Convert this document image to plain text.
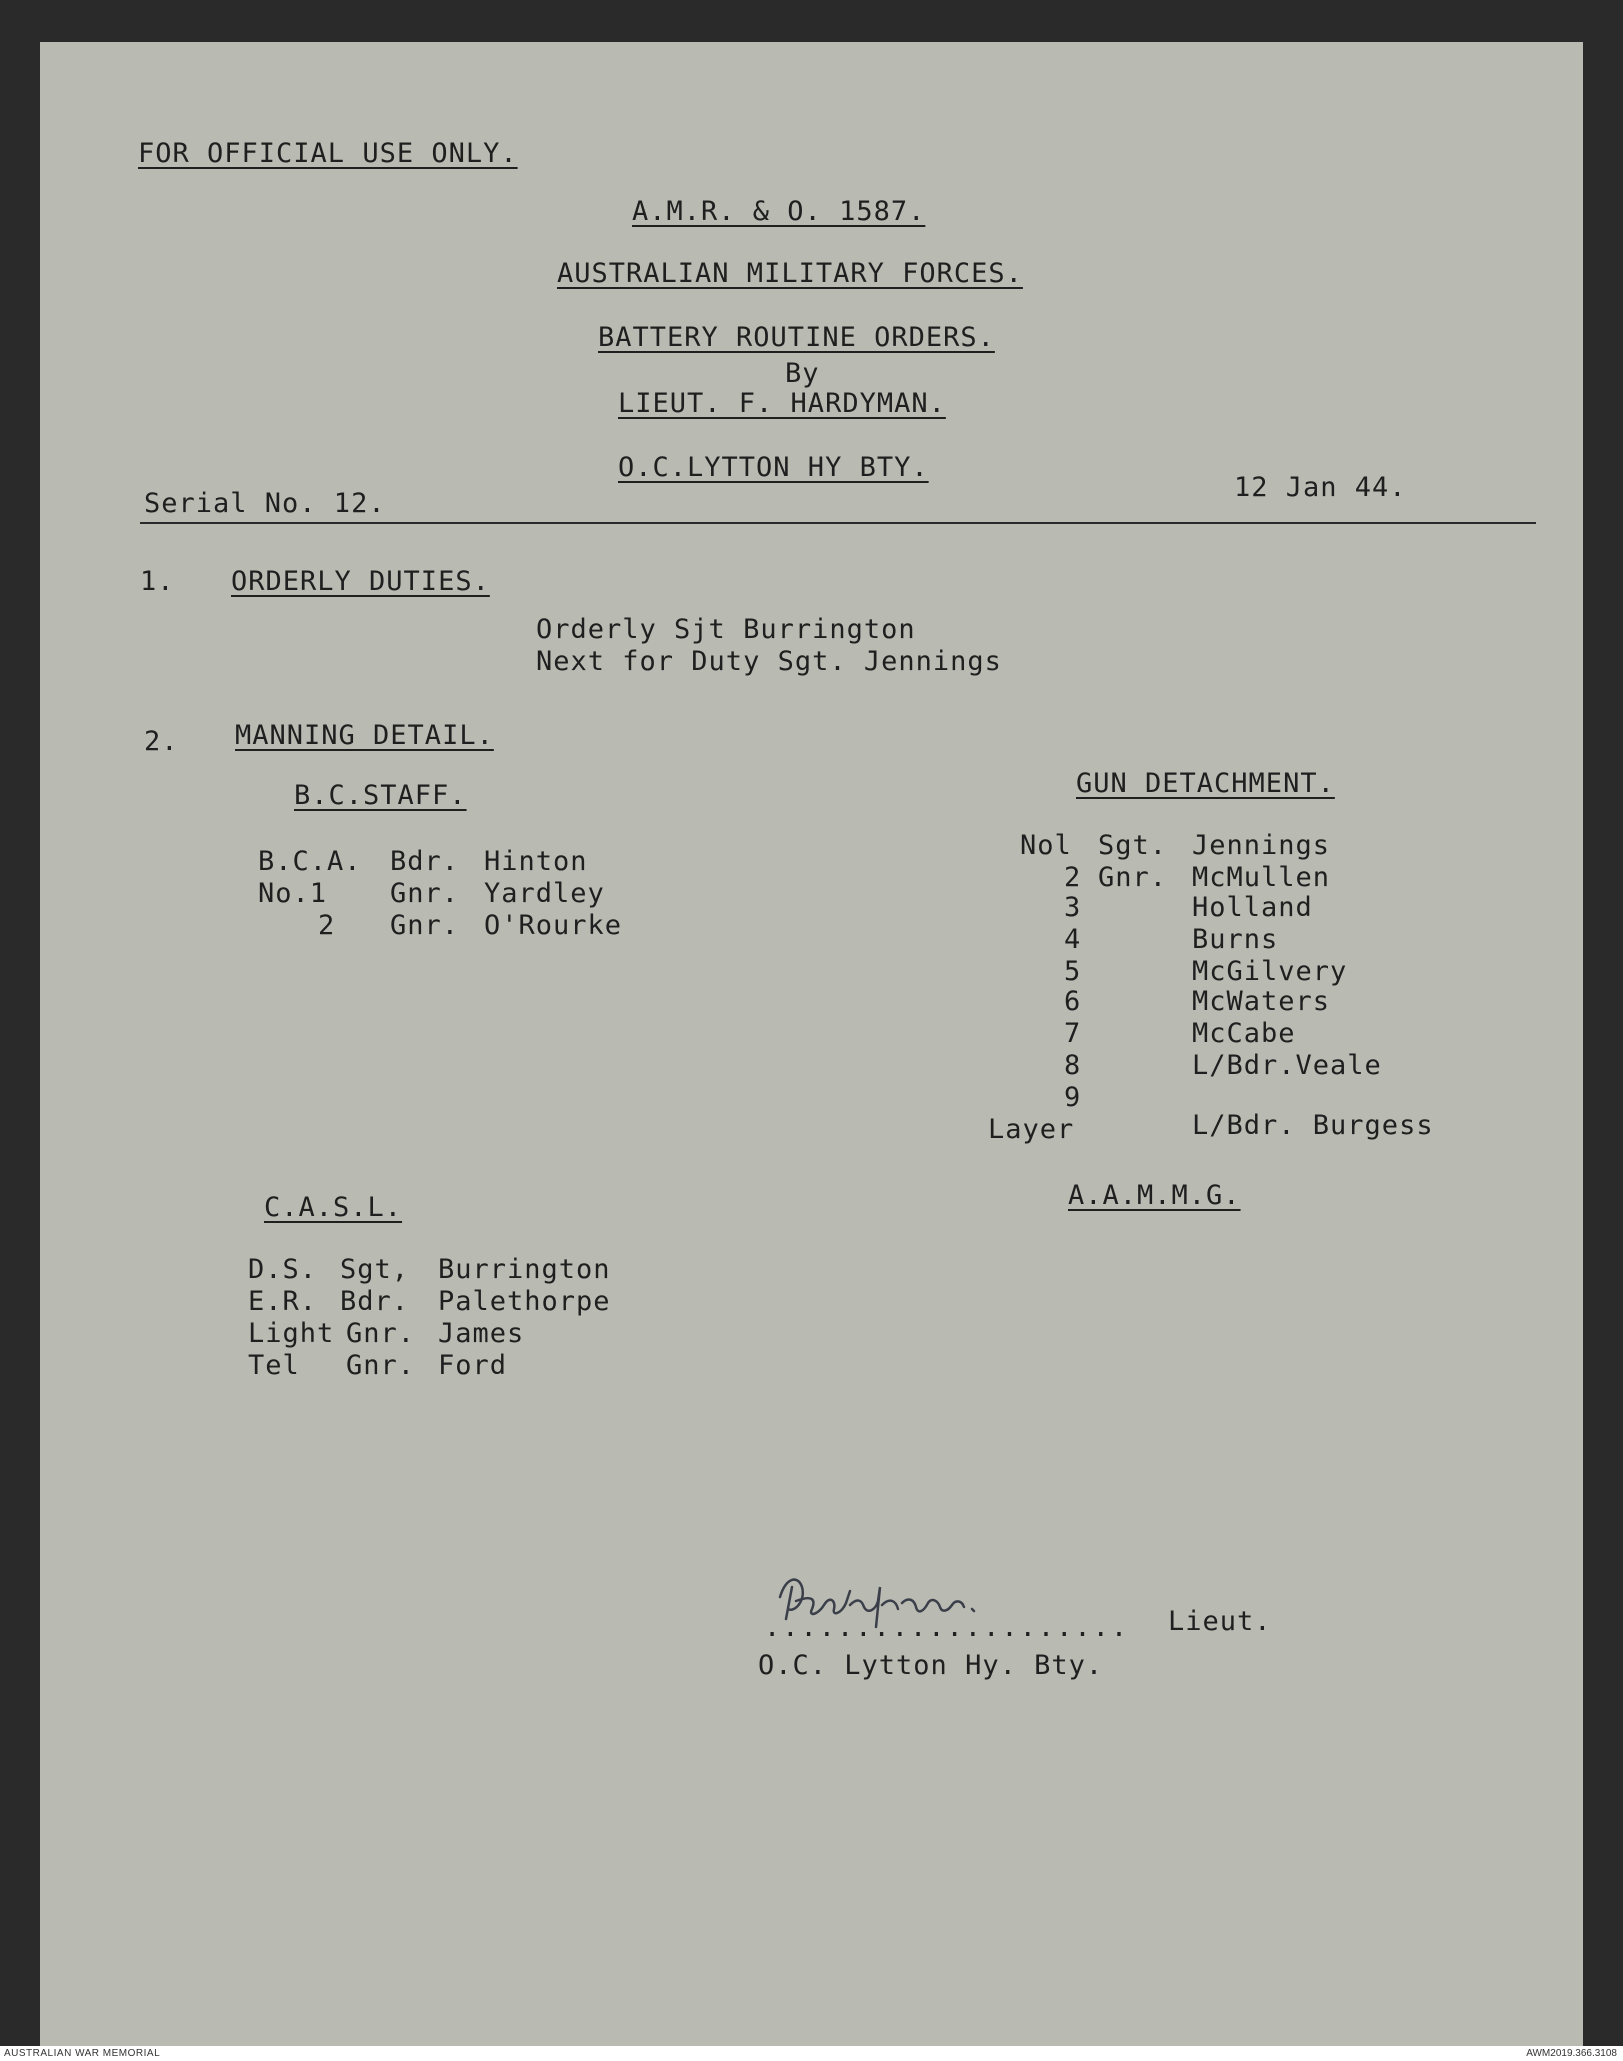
FOR OFFICIAL USE ONLY.
A.M.R. & O. 1587.
AUSTRALIAN MILITARY FORCES.
BATTERY ROUTINE ORDERS.
By
LIEUT. F. HARDYMAN.
O.C.LYTTON HY BTY.
Serial No. 12.
12 Jan 44.
1. ORDERLY DUTIES.
Orderly Sjt Burrington
Next for Duty Sgt. Jennings
2. MANNING DETAIL.
B.C.STAFF.
B.C.A. Bdr. Hinton
No.1 Gnr. Yardley
2 Gnr. O'Rourke
GUN DETACHMENT.
Nol Sgt. Jennings
2 Gnr. McMullen
3	Holland
4	Burns
5	McGilvery
6	McWaters
7	McCabe
8	L/Bdr.Veale
9
Layer	L/Bdr. Burgess
C.A.S.L.
D.S. Sgt, Burrington
E.R. Bdr. Palethorpe
Light Gnr. James
Tel Gnr. Ford
A.A.M.M.G.
.................... Lieut.
O.C. Lytton Hy. Bty.
AUSTRALIAN WAR MEMORIAL	AWM2019.366.3108
